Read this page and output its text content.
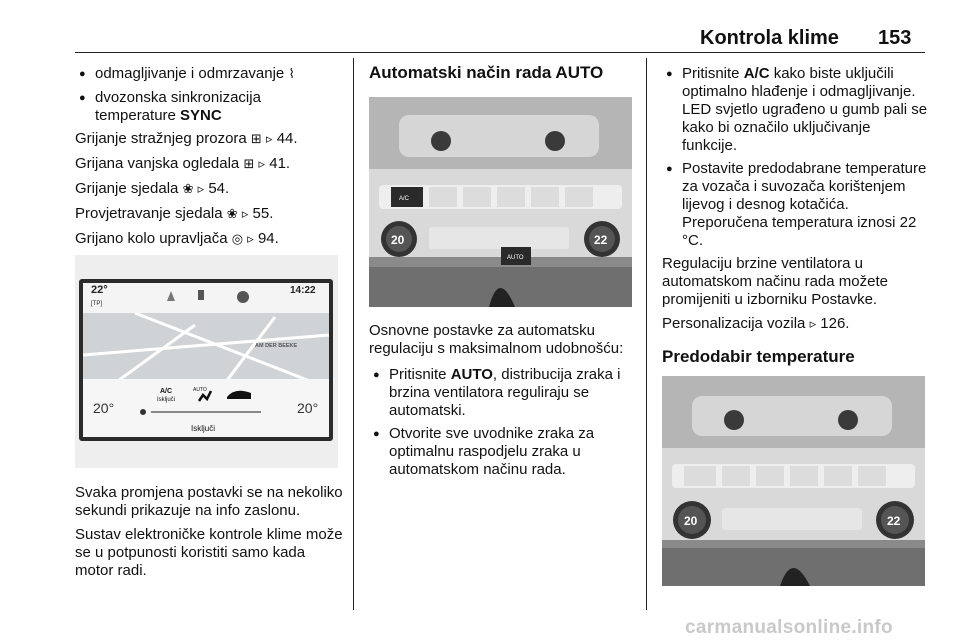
Kontrola klime 153
● odmagljivanje i odmrzavanje ⌇
● dvozonska sinkronizacija
temperature SYNC

Grijanje stražnjeg prozora ⊞ ▹ 44.

Grijana vanjska ogledala ⊞ ▹ 41.

Grijanje sjedala ❀ ▹ 54.

Provjetravanje sjedala ❀ ▹ 55.

Grijano kolo upravljača ◎ ▹ 94.

22°
[TP]
14:22
AM DER BEEKE
A/C
Isključi
AUTO
20°	20°
Isključi

Svaka promjena postavki se na nekoliko sekundi prikazuje na info zaslonu.

Sustav elektroničke kontrole klime može se u potpunosti koristiti samo kada motor radi.

Automatski način rada AUTO
A/C
20	22
AUTO

Osnovne postavke za automatsku regulaciju s maksimalnom udobnošću:

● Pritisnite AUTO, distribucija zraka i brzina ventilatora reguliraju se automatski.
● Otvorite sve uvodnike zraka za optimalnu raspodjelu zraka u automatskom načinu rada.
● Pritisnite A/C kako biste uključili optimalno hlađenje i odmagljivanje. LED svjetlo ugrađeno u gumb pali se kako bi označilo uključivanje funkcije.
● Postavite predodabrane temperature za vozača i suvozača korištenjem lijevog i desnog kotačića. Preporučena temperatura iznosi 22 °C.

Regulaciju brzine ventilatora u automatskom načinu rada možete promijeniti u izborniku Postavke.

Personalizacija vozila ▹ 126.

Predodabir temperature
20	22
carmanualsonline.info
